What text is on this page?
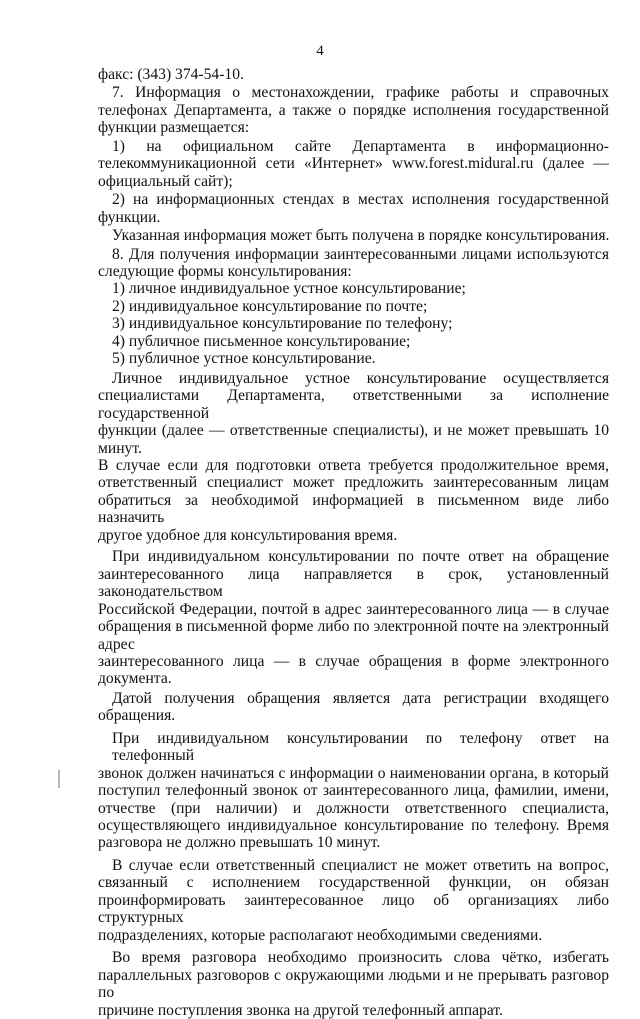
4
факс: (343) 374-54-10.
7. Информация о местонахождении, графике работы и справочных
телефонах Департамента, а также о порядке исполнения государственной
функции размещается:
1) на официальном сайте Департамента в информационно-
телекоммуникационной сети «Интернет» www.forest.midural.ru (далее —
официальный сайт);
2) на информационных стендах в местах исполнения государственной
функции.
Указанная информация может быть получена в порядке консультирования.
8. Для получения информации заинтересованными лицами используются
следующие формы консультирования:
1) личное индивидуальное устное консультирование;
2) индивидуальное консультирование по почте;
3) индивидуальное консультирование по телефону;
4) публичное письменное консультирование;
5) публичное устное консультирование.
Личное индивидуальное устное консультирование осуществляется
специалистами Департамента, ответственными за исполнение государственной
функции (далее — ответственные специалисты), и не может превышать 10 минут.
В случае если для подготовки ответа требуется продолжительное время,
ответственный специалист может предложить заинтересованным лицам
обратиться за необходимой информацией в письменном виде либо назначить
другое удобное для консультирования время.
При индивидуальном консультировании по почте ответ на обращение
заинтересованного лица направляется в срок, установленный законодательством
Российской Федерации, почтой в адрес заинтересованного лица — в случае
обращения в письменной форме либо по электронной почте на электронный адрес
заинтересованного лица — в случае обращения в форме электронного документа.
Датой получения обращения является дата регистрации входящего
обращения.
При индивидуальном консультировании по телефону ответ на телефонный
звонок должен начинаться с информации о наименовании органа, в который
поступил телефонный звонок от заинтересованного лица, фамилии, имени,
отчестве (при наличии) и должности ответственного специалиста,
осуществляющего индивидуальное консультирование по телефону. Время
разговора не должно превышать 10 минут.
В случае если ответственный специалист не может ответить на вопрос,
связанный с исполнением государственной функции, он обязан
проинформировать заинтересованное лицо об организациях либо структурных
подразделениях, которые располагают необходимыми сведениями.
Во время разговора необходимо произносить слова чётко, избегать
параллельных разговоров с окружающими людьми и не прерывать разговор по
причине поступления звонка на другой телефонный аппарат.
